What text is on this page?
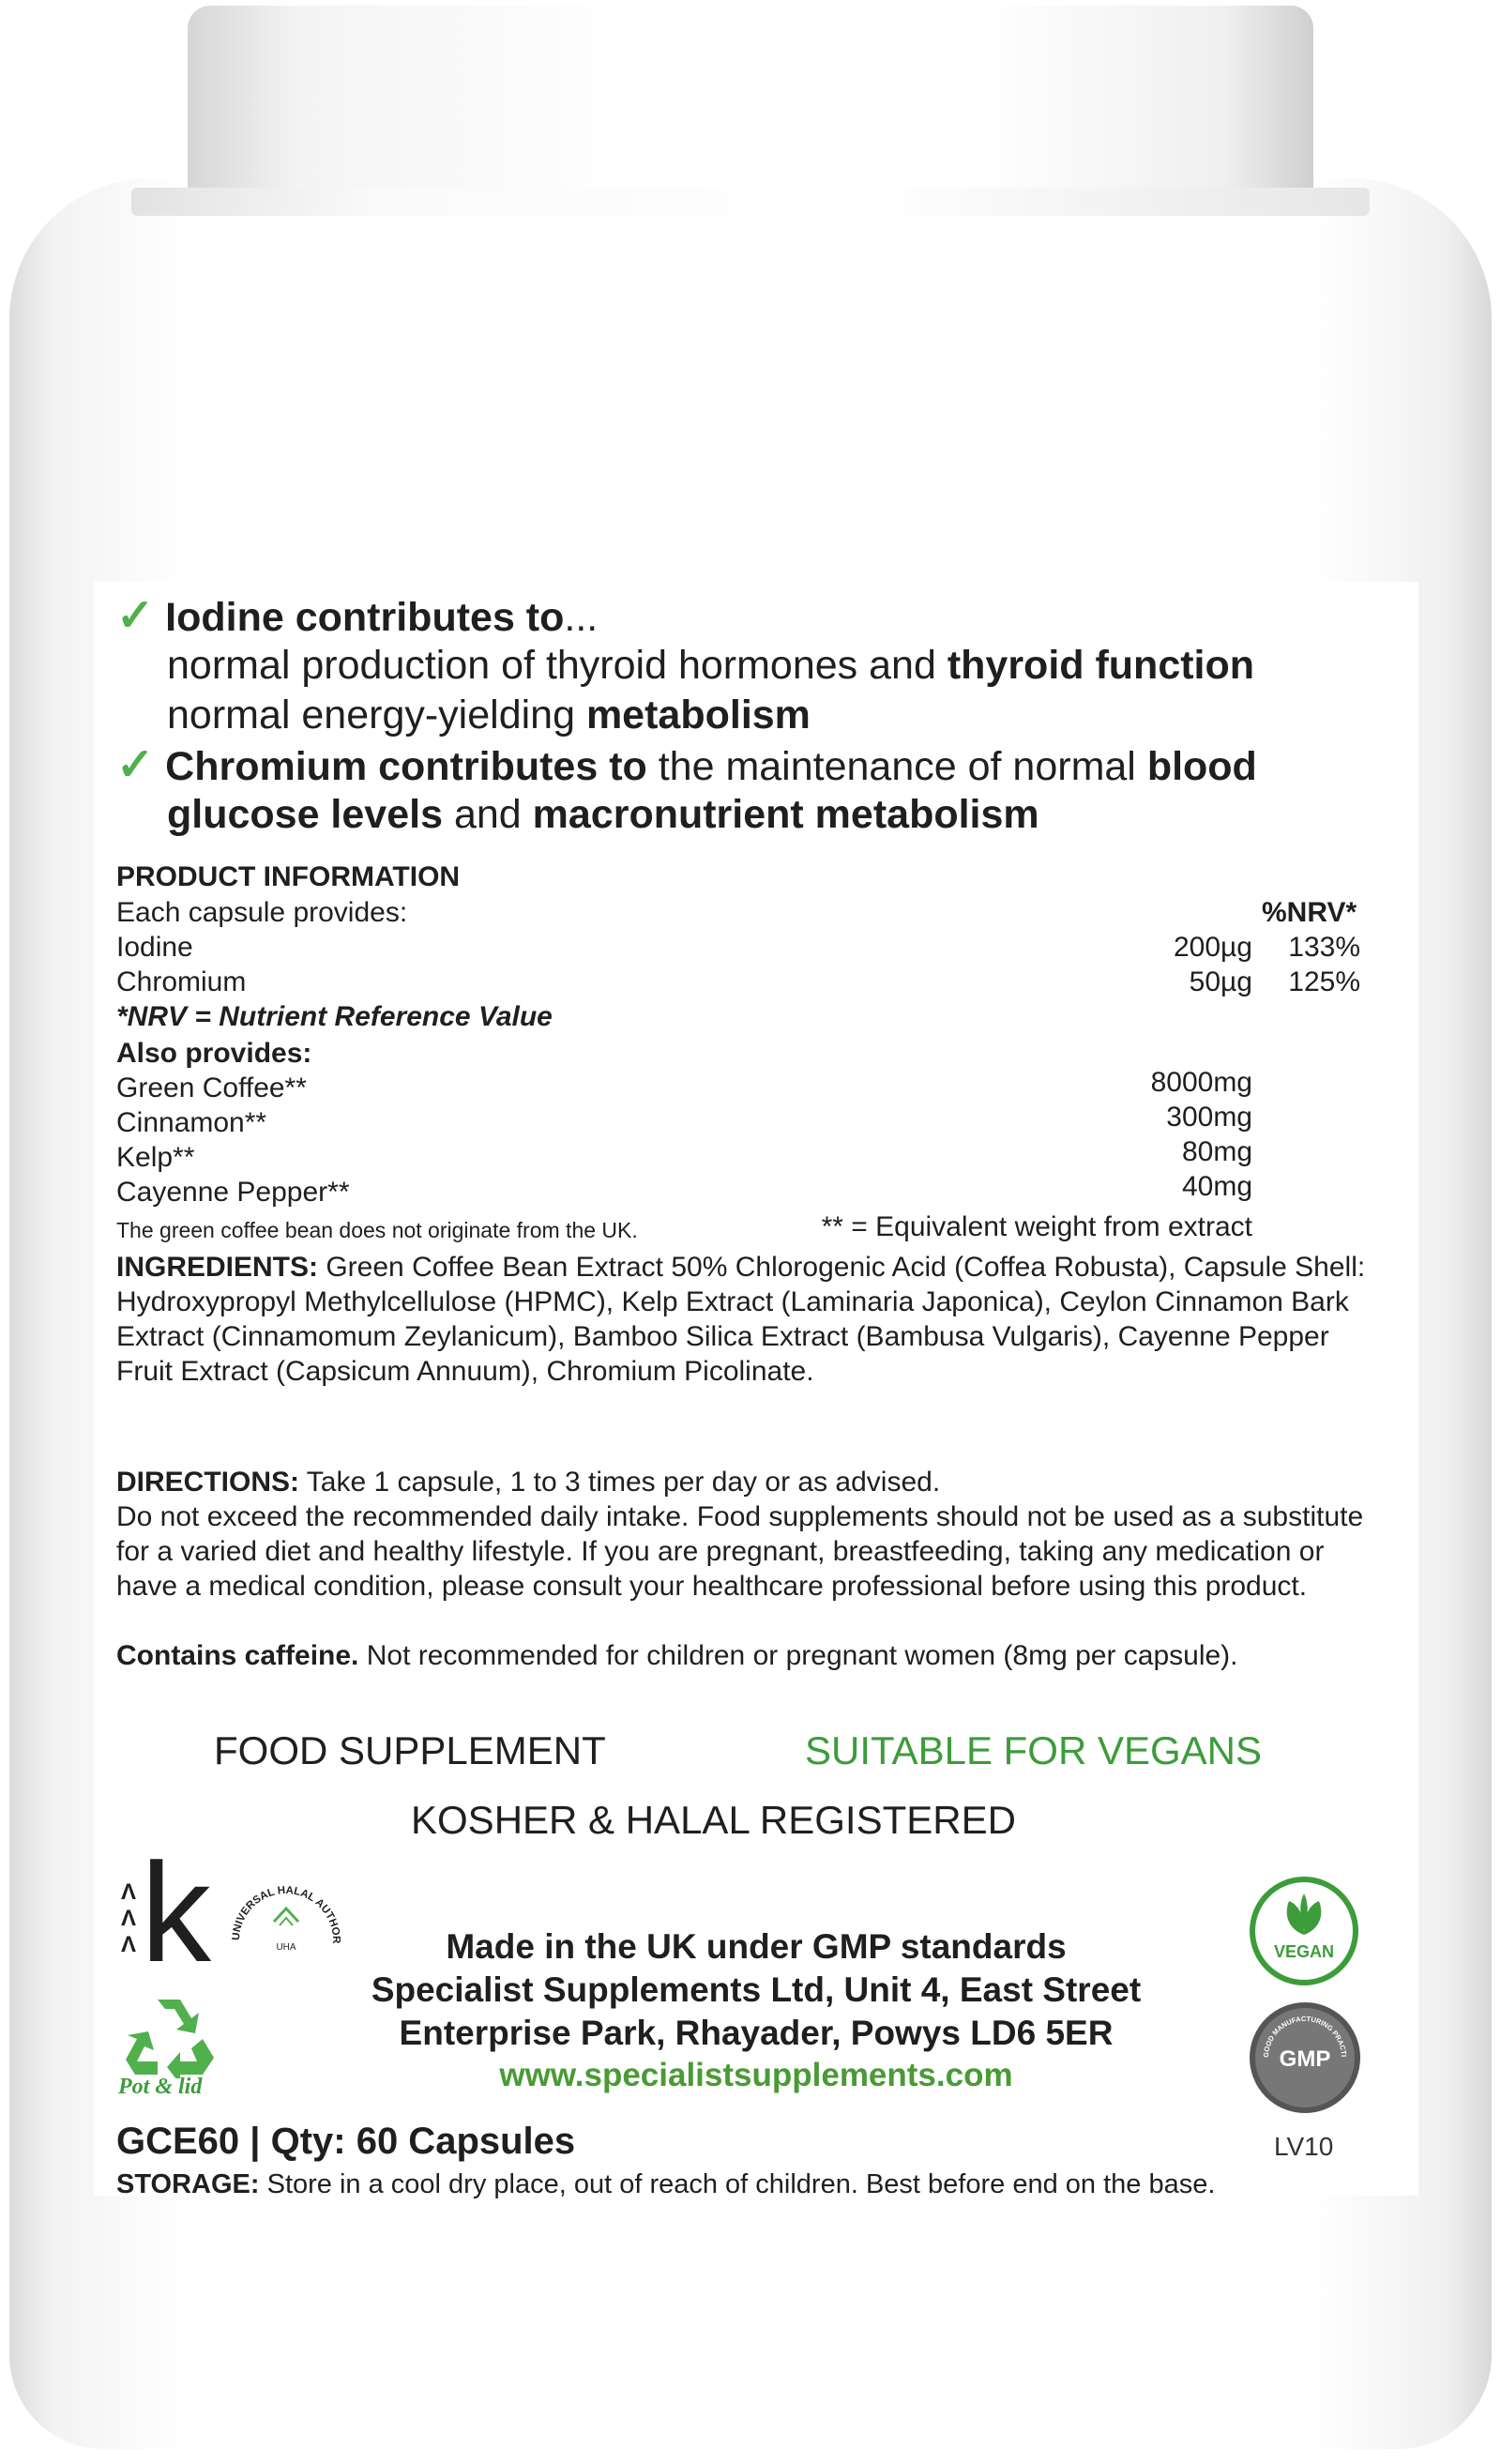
✓ Iodine contributes to...
normal production of thyroid hormones and thyroid function
normal energy-yielding metabolism
✓ Chromium contributes to the maintenance of normal blood
glucose levels and macronutrient metabolism
PRODUCT INFORMATION
Each capsule provides:	%NRV*
Iodine	200µg	133%
Chromium	50µg	125%
*NRV = Nutrient Reference Value
Also provides:
Green Coffee**	8000mg
Cinnamon**	300mg
Kelp**	80mg
Cayenne Pepper**	40mg
The green coffee bean does not originate from the UK.	** = Equivalent weight from extract
INGREDIENTS: Green Coffee Bean Extract 50% Chlorogenic Acid (Coffea Robusta), Capsule Shell: Hydroxypropyl Methylcellulose (HPMC), Kelp Extract (Laminaria Japonica), Ceylon Cinnamon Bark Extract (Cinnamomum Zeylanicum), Bamboo Silica Extract (Bambusa Vulgaris), Cayenne Pepper Fruit Extract (Capsicum Annuum), Chromium Picolinate.
DIRECTIONS: Take 1 capsule, 1 to 3 times per day or as advised.
Do not exceed the recommended daily intake. Food supplements should not be used as a substitute for a varied diet and healthy lifestyle. If you are pregnant, breastfeeding, taking any medication or have a medical condition, please consult your healthcare professional before using this product.
Contains caffeine. Not recommended for children or pregnant women (8mg per capsule).
FOOD SUPPLEMENT	SUITABLE FOR VEGANS
KOSHER & HALAL REGISTERED
Λ
Λ
Λ k	UNIVERSAL HALAL AUTHOR
UHA
Pot & lid
Made in the UK under GMP standards
Specialist Supplements Ltd, Unit 4, East Street
Enterprise Park, Rhayader, Powys LD6 5ER
www.specialistsupplements.com
VEGAN
GOOD MANUFACTURING PRACTI
GMP
GCE60 | Qty: 60 Capsules	LV10
STORAGE: Store in a cool dry place, out of reach of children. Best before end on the base.
